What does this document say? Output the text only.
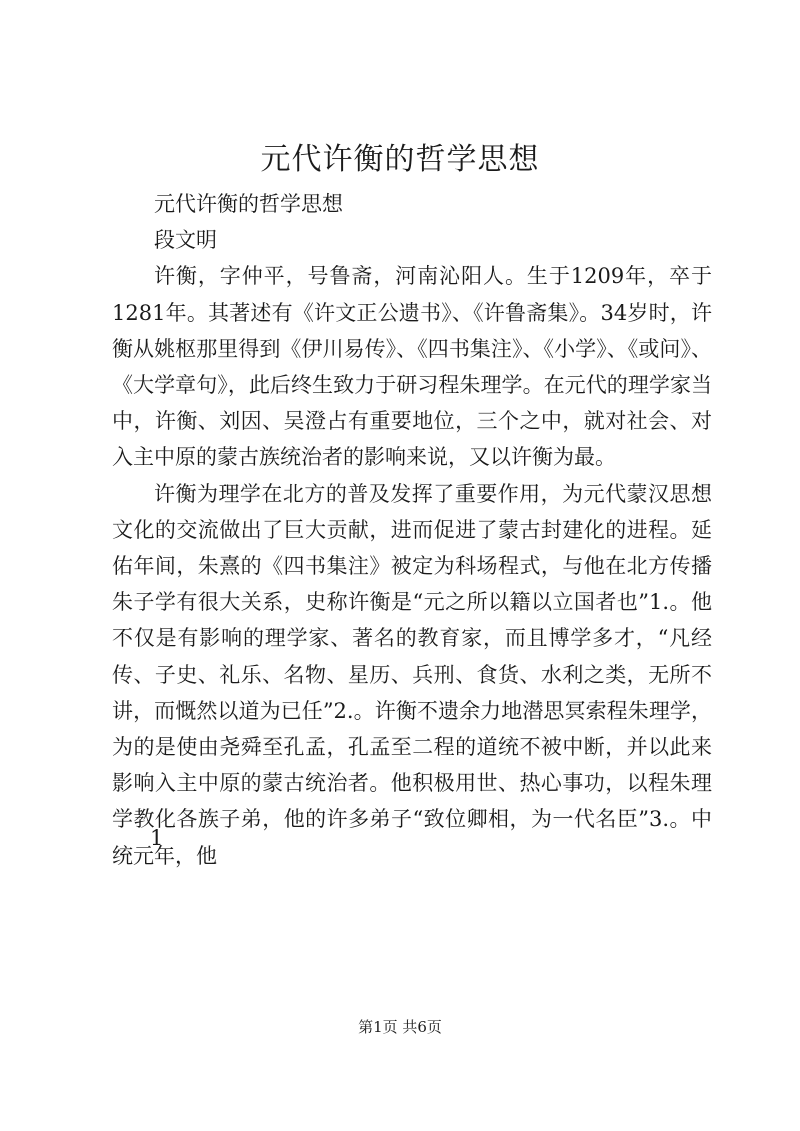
元代许衡的哲学思想

元代许衡的哲学思想

段文明

许衡，字仲平，号鲁斋，河南沁阳人。生于1209年，卒于1281年。其著述有《许文正公遗书》、《许鲁斋集》。34岁时，许衡从姚枢那里得到《伊川易传》、《四书集注》、《小学》、《或问》、《大学章句》，此后终生致力于研习程朱理学。在元代的理学家当中，许衡、刘因、吴澄占有重要地位，三个之中，就对社会、对入主中原的蒙古族统治者的影响来说，又以许衡为最。

许衡为理学在北方的普及发挥了重要作用，为元代蒙汉思想文化的交流做出了巨大贡献，进而促进了蒙古封建化的进程。延佑年间，朱熹的《四书集注》被定为科场程式，与他在北方传播朱子学有很大关系，史称许衡是“元之所以籍以立国者也”1.。他不仅是有影响的理学家、著名的教育家，而且博学多才，“凡经传、子史、礼乐、名物、星历、兵刑、食货、水利之类，无所不讲，而慨然以道为已任”2.。许衡不遗余力地潜思冥索程朱理学，为的是使由尧舜至孔孟，孔孟至二程的道统不被中断，并以此来影响入主中原的蒙古统治者。他积极用世、热心事功，以程朱理学教化各族子弟，他的许多弟子“致位卿相，为一代名臣”3.。中统元年，他

1
第1页 共6页
